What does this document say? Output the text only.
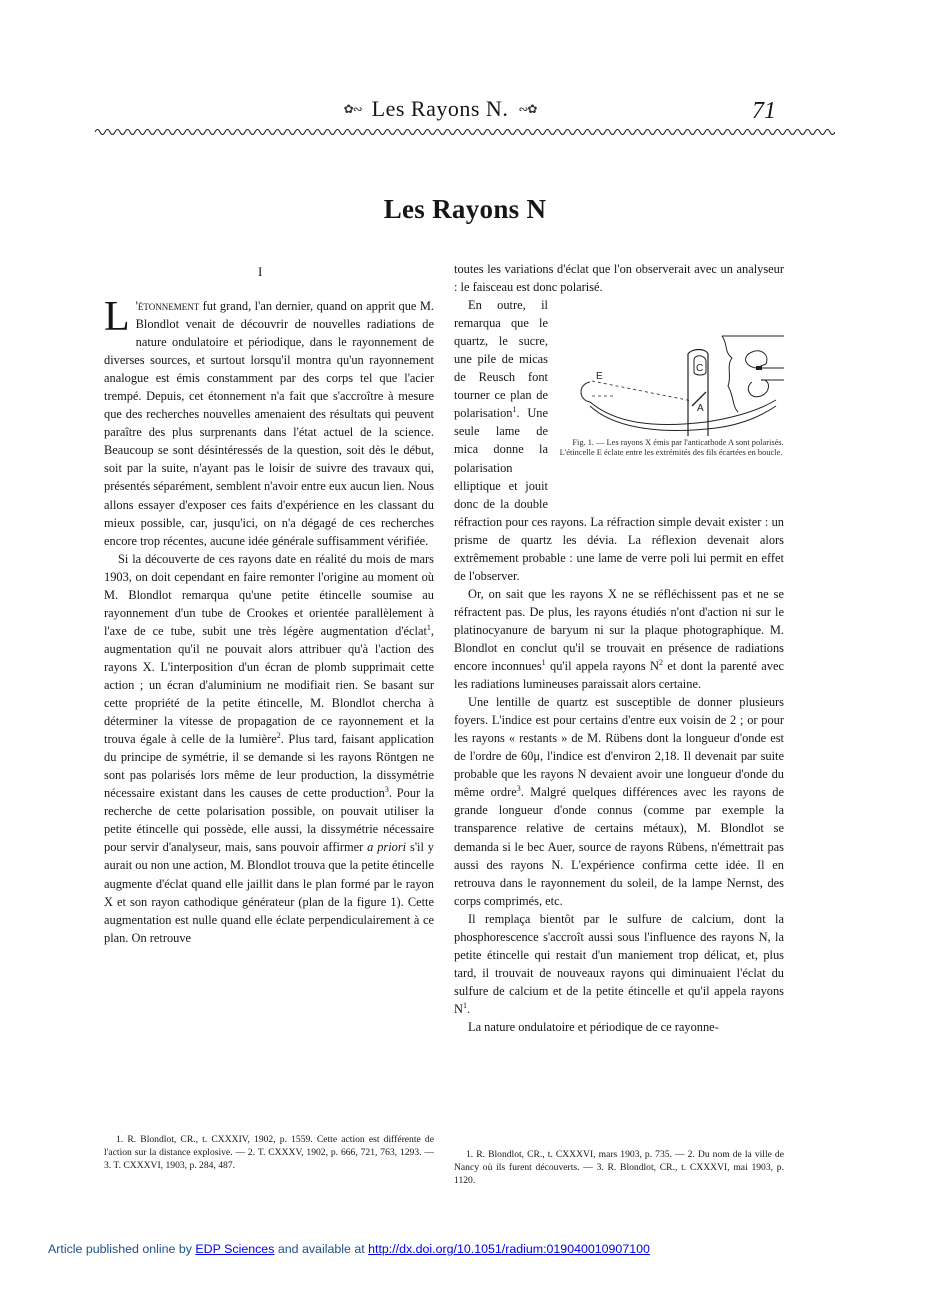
✿∾ Les Rayons N. ∾✿	71
Les Rayons N
I

L 'étonnement fut grand, l'an dernier, quand on apprit que M. Blondlot venait de découvrir de nouvelles radiations de nature ondulatoire et périodique, dans le rayonnement de diverses sources, et surtout lorsqu'il montra qu'un rayonnement analogue est émis constamment par des corps tel que l'acier trempé. Depuis, cet étonnement n'a fait que s'accroître à mesure que des recherches nouvelles amenaient des résultats qui peuvent paraître des plus surprenants dans l'état actuel de la science. Beaucoup se sont désintéressés de la question, soit dès le début, soit par la suite, n'ayant pas le loisir de suivre des travaux qui, présentés séparément, semblent n'avoir entre eux aucun lien. Nous allons essayer d'exposer ces faits d'expérience en les classant du mieux possible, car, jusqu'ici, on n'a dégagé de ces recherches encore trop récentes, aucune idée générale suffisamment vérifiée.

Si la découverte de ces rayons date en réalité du mois de mars 1903, on doit cependant en faire remonter l'origine au moment où M. Blondlot remarqua qu'une petite étincelle soumise au rayonnement d'un tube de Crookes et orientée parallèlement à l'axe de ce tube, subit une très légère augmentation d'éclat$^1$, augmentation qu'il ne pouvait alors attribuer qu'à l'action des rayons X. L'interposition d'un écran de plomb supprimait cette action ; un écran d'aluminium ne modifiait rien. Se basant sur cette propriété de la petite étincelle, M. Blondlot chercha à déterminer la vitesse de propagation de ce rayonnement et la trouva égale à celle de la lumière$^2$. Plus tard, faisant application du principe de symétrie, il se demande si les rayons Röntgen ne sont pas polarisés lors même de leur production, la dissymétrie nécessaire existant dans les causes de cette production$^3$. Pour la recherche de cette polarisation possible, on pouvait utiliser la petite étincelle qui possède, elle aussi, la dissymétrie nécessaire pour servir d'analyseur, mais, sans pouvoir affirmer a priori s'il y aurait ou non une action, M. Blondlot trouva que la petite étincelle augmente d'éclat quand elle jaillit dans le plan formé par le rayon X et son rayon cathodique générateur (plan de la figure 1). Cette augmentation est nulle quand elle éclate perpendiculairement à ce plan. On retrouve

toutes les variations d'éclat que l'on observerait avec un analyseur : le faisceau est donc polarisé.

C
A
E
Fig. 1. — Les rayons X émis par l'anticathode A sont polarisés. L'étincelle E éclate entre les extrémités des fils écartées en boucle.
En outre, il remarqua que le quartz, le sucre, une pile de micas de Reusch font tourner ce plan de polarisation$^1$. Une seule lame de mica donne la polarisation elliptique et jouit donc de la double réfraction pour ces rayons. La réfraction simple devait exister : un prisme de quartz les dévia. La réflexion devenait alors extrêmement probable : une lame de verre poli lui permit en effet de l'observer.

Or, on sait que les rayons X ne se réfléchissent pas et ne se réfractent pas. De plus, les rayons étudiés n'ont d'action ni sur le platinocyanure de baryum ni sur la plaque photographique. M. Blondlot en conclut qu'il se trouvait en présence de radiations encore inconnues$^1$ qu'il appela rayons $N^2$ et dont la parenté avec les radiations lumineuses paraissait alors certaine.

Une lentille de quartz est susceptible de donner plusieurs foyers. L'indice est pour certains d'entre eux voisin de 2 ; or pour les rayons « restants » de M. Rübens dont la longueur d'onde est de l'ordre de 60μ, l'indice est d'environ 2,18. Il devenait par suite probable que les rayons N devaient avoir une longueur d'onde du même ordre$^3$. Malgré quelques différences avec les rayons de grande longueur d'onde connus (comme par exemple la transparence relative de certains métaux), M. Blondlot se demanda si le bec Auer, source de rayons Rübens, n'émettrait pas aussi des rayons N. L'expérience confirma cette idée. Il en retrouva dans le rayonnement du soleil, de la lampe Nernst, des corps comprimés, etc.

Il remplaça bientôt par le sulfure de calcium, dont la phosphorescence s'accroît aussi sous l'influence des rayons N, la petite étincelle qui restait d'un maniement trop délicat, et, plus tard, il trouvait de nouveaux rayons qui diminuaient l'éclat du sulfure de calcium et de la petite étincelle et qu'il appela rayons $N^1$.

La nature ondulatoire et périodique de ce rayonne-

1. R. Blondlot, CR., t. CXXXIV, 1902, p. 1559. Cette action est différente de l'action sur la distance explosive. — 2. T. CXXXV, 1902, p. 666, 721, 763, 1293. — 3. T. CXXXVI, 1903, p. 284, 487.

1. R. Blondlot, CR., t. CXXXVI, mars 1903, p. 735. — 2. Du nom de la ville de Nancy où ils furent découverts. — 3. R. Blondlot, CR., t. CXXXVI, mai 1903, p. 1120.

Article published online by EDP Sciences and available at http://dx.doi.org/10.1051/radium:019040010907100
